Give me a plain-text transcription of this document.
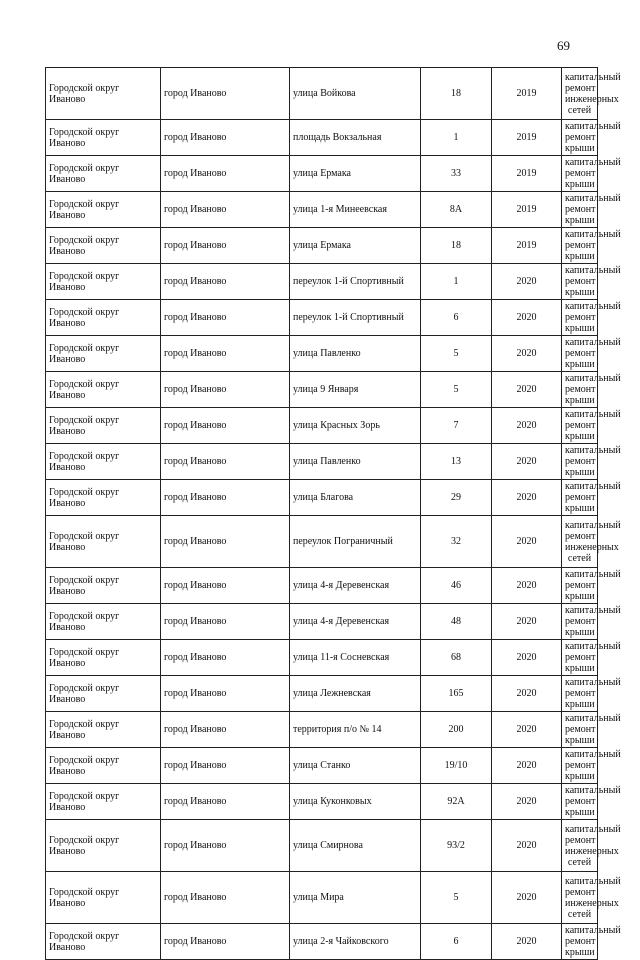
69
Городской округ Иваново	город Иваново	улица Войкова	18	2019	капитальный ремонт инженерных сетей
Городской округ Иваново	город Иваново	площадь Вокзальная	1	2019	капитальный ремонт крыши
Городской округ Иваново	город Иваново	улица Ермака	33	2019	капитальный ремонт крыши
Городской округ Иваново	город Иваново	улица 1-я Минеевская	8А	2019	капитальный ремонт крыши
Городской округ Иваново	город Иваново	улица Ермака	18	2019	капитальный ремонт крыши
Городской округ Иваново	город Иваново	переулок 1-й Спортивный	1	2020	капитальный ремонт крыши
Городской округ Иваново	город Иваново	переулок 1-й Спортивный	6	2020	капитальный ремонт крыши
Городской округ Иваново	город Иваново	улица Павленко	5	2020	капитальный ремонт крыши
Городской округ Иваново	город Иваново	улица 9 Января	5	2020	капитальный ремонт крыши
Городской округ Иваново	город Иваново	улица Красных Зорь	7	2020	капитальный ремонт крыши
Городской округ Иваново	город Иваново	улица Павленко	13	2020	капитальный ремонт крыши
Городской округ Иваново	город Иваново	улица Благова	29	2020	капитальный ремонт крыши
Городской округ Иваново	город Иваново	переулок Пограничный	32	2020	капитальный ремонт инженерных сетей
Городской округ Иваново	город Иваново	улица 4-я Деревенская	46	2020	капитальный ремонт крыши
Городской округ Иваново	город Иваново	улица 4-я Деревенская	48	2020	капитальный ремонт крыши
Городской округ Иваново	город Иваново	улица 11-я Сосневская	68	2020	капитальный ремонт крыши
Городской округ Иваново	город Иваново	улица Лежневская	165	2020	капитальный ремонт крыши
Городской округ Иваново	город Иваново	территория п/о № 14	200	2020	капитальный ремонт крыши
Городской округ Иваново	город Иваново	улица Станко	19/10	2020	капитальный ремонт крыши
Городской округ Иваново	город Иваново	улица Куконковых	92А	2020	капитальный ремонт крыши
Городской округ Иваново	город Иваново	улица Смирнова	93/2	2020	капитальный ремонт инженерных сетей
Городской округ Иваново	город Иваново	улица Мира	5	2020	капитальный ремонт инженерных сетей
Городской округ Иваново	город Иваново	улица 2-я Чайковского	6	2020	капитальный ремонт крыши
